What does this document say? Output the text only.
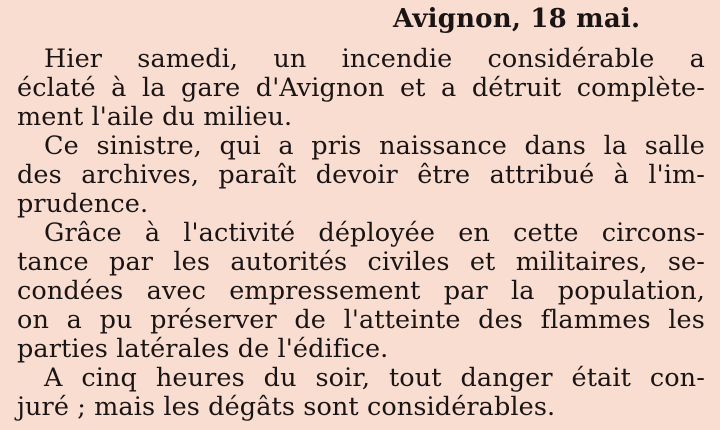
Avignon, 18 mai.
Hier samedi, un incendie considérable a
éclaté à la gare d'Avignon et a détruit complète-
ment l'aile du milieu.
Ce sinistre, qui a pris naissance dans la salle
des archives, paraît devoir être attribué à l'im-
prudence.
Grâce à l'activité déployée en cette circons-
tance par les autorités civiles et militaires, se-
condées avec empressement par la population,
on a pu préserver de l'atteinte des flammes les
parties latérales de l'édifice.
A cinq heures du soir, tout danger était con-
juré ; mais les dégâts sont considérables.
